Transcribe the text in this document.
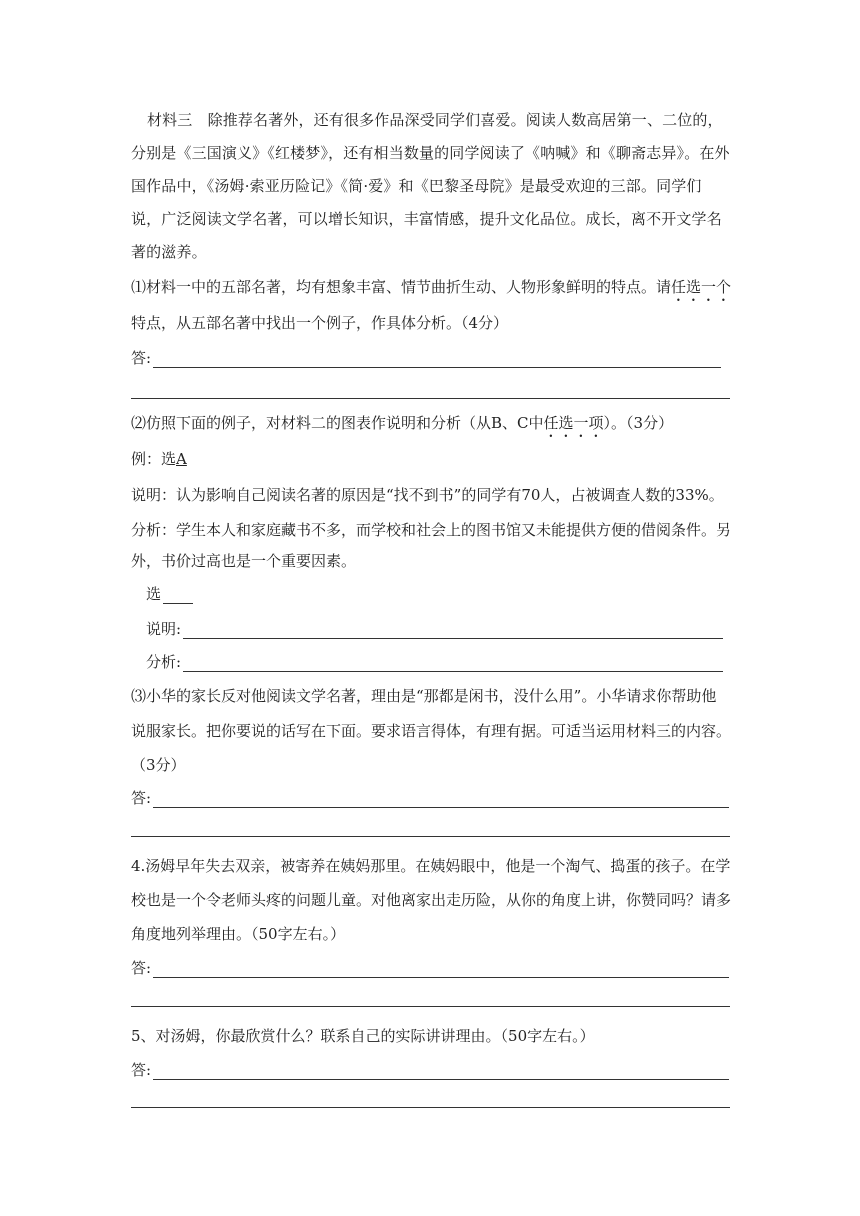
材料三　除推荐名著外，还有很多作品深受同学们喜爱。阅读人数高居第一、二位的，分别是《三国演义》《红楼梦》，还有相当数量的同学阅读了《呐喊》和《聊斋志异》。在外国作品中，《汤姆·索亚历险记》《简·爱》和《巴黎圣母院》是最受欢迎的三部。同学们说，广泛阅读文学名著，可以增长知识，丰富情感，提升文化品位。成长，离不开文学名著的滋养。
⑴材料一中的五部名著，均有想象丰富、情节曲折生动、人物形象鲜明的特点。请任选一个
特点，从五部名著中找出一个例子，作具体分析。（4分）
答:
⑵仿照下面的例子，对材料二的图表作说明和分析（从B、C中任选一项）。（3分）
例：选A
说明：认为影响自己阅读名著的原因是“找不到书”的同学有70人，占被调查人数的33%。
分析：学生本人和家庭藏书不多，而学校和社会上的图书馆又未能提供方便的借阅条件。另
外，书价过高也是一个重要因素。
选
说明:
分析:
⑶小华的家长反对他阅读文学名著，理由是“那都是闲书，没什么用”。小华请求你帮助他
说服家长。把你要说的话写在下面。要求语言得体，有理有据。可适当运用材料三的内容。
（3分）
答:
4.汤姆早年失去双亲，被寄养在姨妈那里。在姨妈眼中，他是一个淘气、捣蛋的孩子。在学
校也是一个令老师头疼的问题儿童。对他离家出走历险，从你的角度上讲，你赞同吗？请多
角度地列举理由。（50字左右。）
答:
5、对汤姆，你最欣赏什么？联系自己的实际讲讲理由。（50字左右。）
答:
